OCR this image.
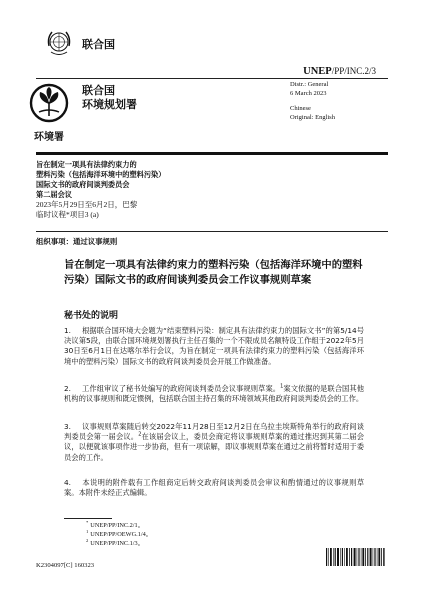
联合国
联合国
环境规划署
环境署
UNEP/PP/INC.2/3
Distr.: General
6 March 2023
Chinese
Original: English
旨在制定一项具有法律约束力的
塑料污染（包括海洋环境中的塑料污染）
国际文书的政府间谈判委员会
第二届会议
2023年5月29日至6月2日，巴黎
临时议程*项目3 (a)
组织事项：通过议事规则
旨在制定一项具有法律约束力的塑料污染（包括海洋环境中的塑料污染）国际文书的政府间谈判委员会工作议事规则草案
秘书处的说明
1. 根据联合国环境大会题为“结束塑料污染：制定具有法律约束力的国际文书”的第5/14号决议第5段，由联合国环境规划署执行主任召集的一个不限成员名额特设工作组于2022年5月30日至6月1日在达喀尔举行会议，为旨在制定一项具有法律约束力的塑料污染（包括海洋环境中的塑料污染）国际文书的政府间谈判委员会开展工作做准备。
2. 工作组审议了秘书处编写的政府间谈判委员会议事规则草案。$^1$案文依据的是联合国其他机构的议事规则和既定惯例，包括联合国主持召集的环境领域其他政府间谈判委员会的工作。
3. 议事规则草案随后转交2022年11月28日至12月2日在乌拉圭埃斯特角举行的政府间谈判委员会第一届会议。$^2$在该届会议上，委员会商定将议事规则草案的通过推迟到其第二届会议，以便就该事项作进一步协商，但有一项谅解，即议事规则草案在通过之前将暂时适用于委员会的工作。
4. 本说明的附件载有工作组商定后转交政府间谈判委员会审议和酌情通过的议事规则草案。本附件未经正式编辑。
* UNEP/PP/INC.2/1。
$^1$ UNEP/PP/OEWG.1/4。
$^2$ UNEP/PP/INC.1/3。
K2304097[C] 160323
